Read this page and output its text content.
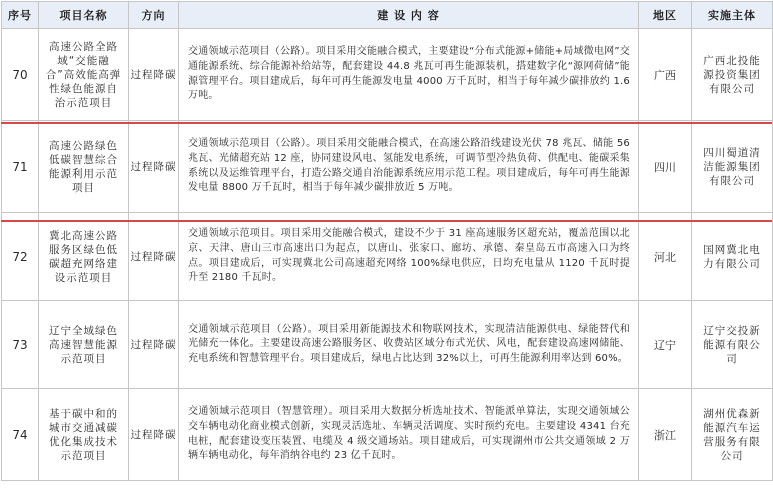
序号	项目名称	方向	建 设 内 容	地区	实施主体
70	高速公路全路域“交能融合”高效能高弹性绿色能源自治示范项目	过程降碳	交通领域示范项目（公路）。项目采用交能融合模式，主要建设“分布式能源+储能+局域微电网”交通能源系统、综合能源补给站等，配套建设 44.8 兆瓦可再生能源装机，搭建数字化“源网荷储”能源管理平台。项目建成后，每年可再生能源发电量 4000 万千瓦时，相当于每年减少碳排放约 1.6 万吨。	广西	广西北投能源投资集团有限公司
71	高速公路绿色低碳智慧综合能源利用示范项目	过程降碳	交通领域示范项目（公路）。项目采用交能融合模式，在高速公路沿线建设光伏 78 兆瓦、储能 56 兆瓦、光储超充站 12 座，协同建设风电、氢能发电系统，可调节型冷热负荷、供配电、能碳采集系统以及运维管理平台，打造公路交通自治能源系统应用示范工程。项目建成后，每年可再生能源发电量 8800 万千瓦时，相当于每年减少碳排放近 5 万吨。	四川	四川蜀道清洁能源集团有限公司
72	冀北高速公路服务区绿色低碳超充网络建设示范项目	过程降碳	交通领域示范项目。项目采用交能融合模式，建设不少于 31 座高速服务区超充站，覆盖范围以北京、天津、唐山三市高速出口为起点，以唐山、张家口、廊坊、承德、秦皇岛五市高速入口为终点。项目建成后，可实现冀北公司高速超充网络 100%绿电供应，日均充电量从 1120 千瓦时提升至 2180 千瓦时。	河北	国网冀北电力有限公司
73	辽宁全域绿色高速智慧能源示范项目	过程降碳	交通领域示范项目（公路）。项目采用新能源技术和物联网技术，实现清洁能源供电、绿能替代和光储充一体化。主要建设高速公路服务区、收费站区域分布式光伏、风电，配套建设高速网储能、充电系统和智慧管理平台。项目建成后，绿电占比达到 32%以上，可再生能源利用率达到 60%。	辽宁	辽宁交投新能源有限公司
74	基于碳中和的城市交通减碳优化集成技术示范项目	过程降碳	交通领域示范项目（智慧管理）。项目采用大数据分析选址技术、智能派单算法，实现交通领域公交车辆电动化商业模式创新，实现灵活选址、车辆灵活调度、实时预约充电。主要建设 4341 台充电桩，配套建设变压装置、电缆及 4 级交通场站。项目建成后，可实现湖州市公共交通领域 2 万辆车辆电动化，每年消纳谷电约 23 亿千瓦时。	浙江	湖州优森新能源汽车运营服务有限公司
